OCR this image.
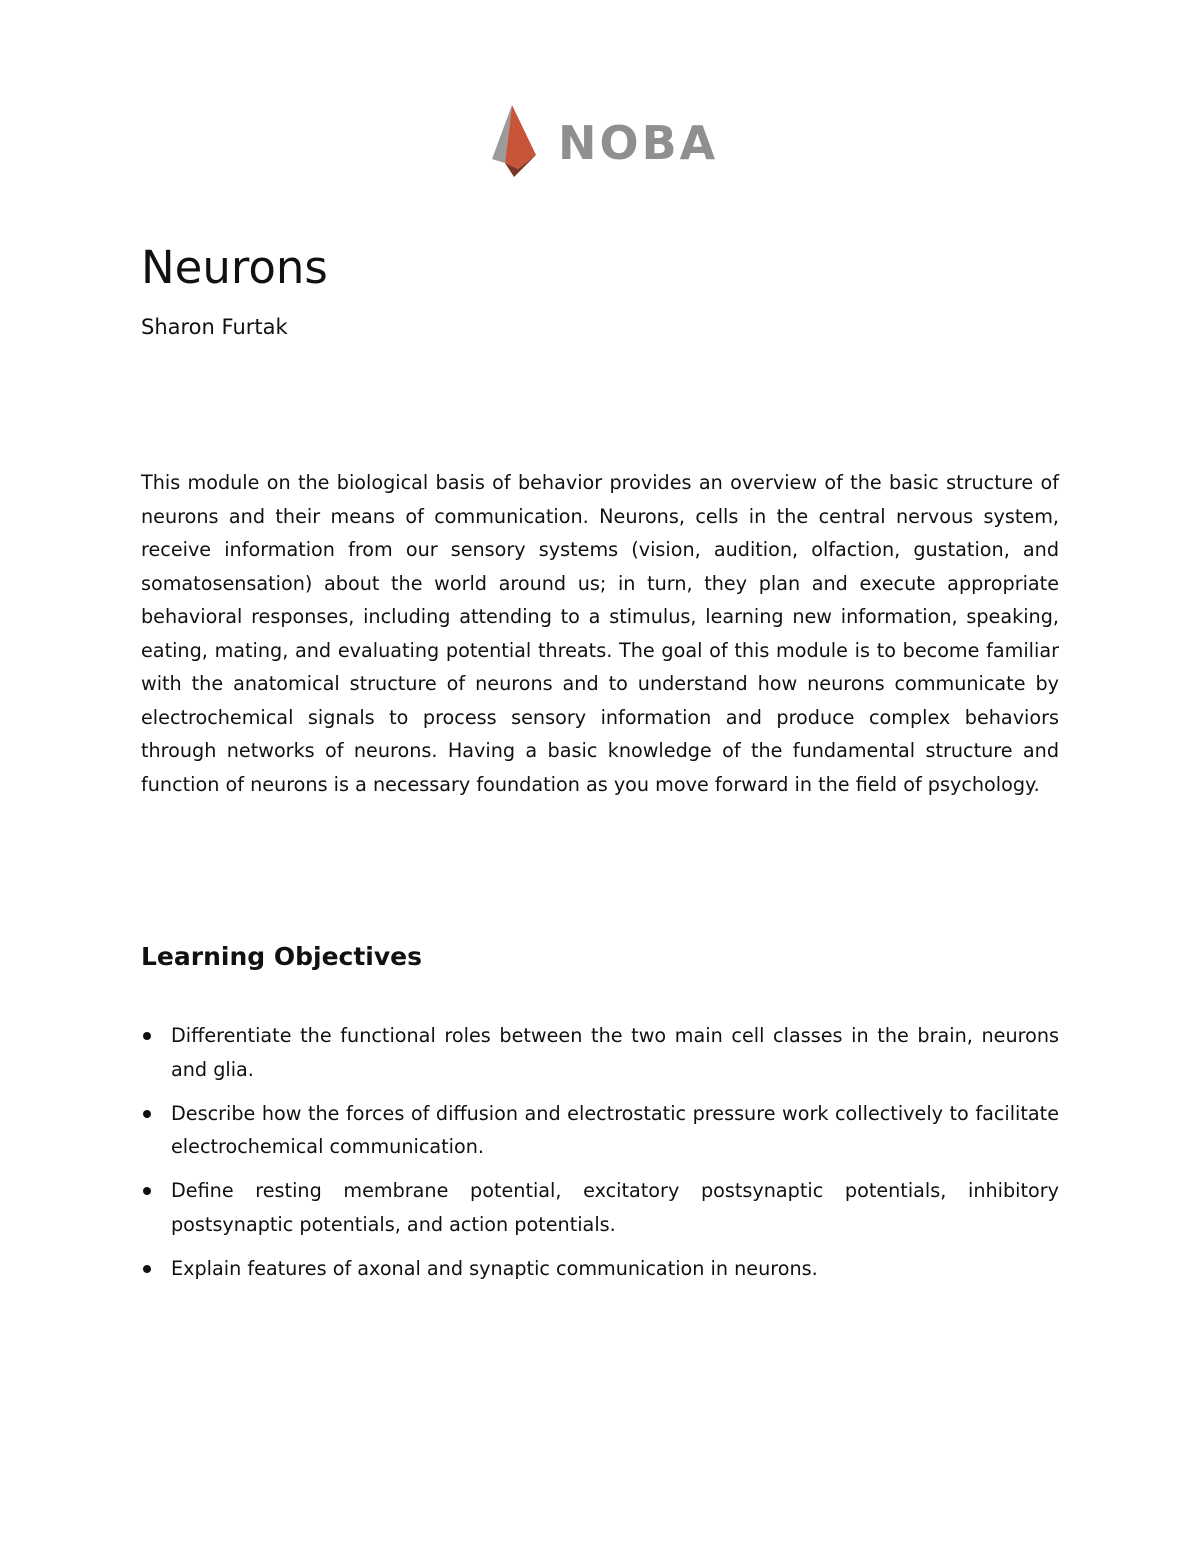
NOBA
Neurons
Sharon Furtak

This module on the biological basis of behavior provides an overview of the basic structure of neurons and their means of communication. Neurons, cells in the central nervous system, receive information from our sensory systems (vision, audition, olfaction, gustation, and somatosensation) about the world around us; in turn, they plan and execute appropriate behavioral responses, including attending to a stimulus, learning new information, speaking, eating, mating, and evaluating potential threats. The goal of this module is to become familiar with the anatomical structure of neurons and to understand how neurons communicate by electrochemical signals to process sensory information and produce complex behaviors through networks of neurons. Having a basic knowledge of the fundamental structure and function of neurons is a necessary foundation as you move forward in the field of psychology.

Learning Objectives
Differentiate the functional roles between the two main cell classes in the brain, neurons and glia.
Describe how the forces of diffusion and electrostatic pressure work collectively to facilitate electrochemical communication.
Define resting membrane potential, excitatory postsynaptic potentials, inhibitory postsynaptic potentials, and action potentials.
Explain features of axonal and synaptic communication in neurons.
